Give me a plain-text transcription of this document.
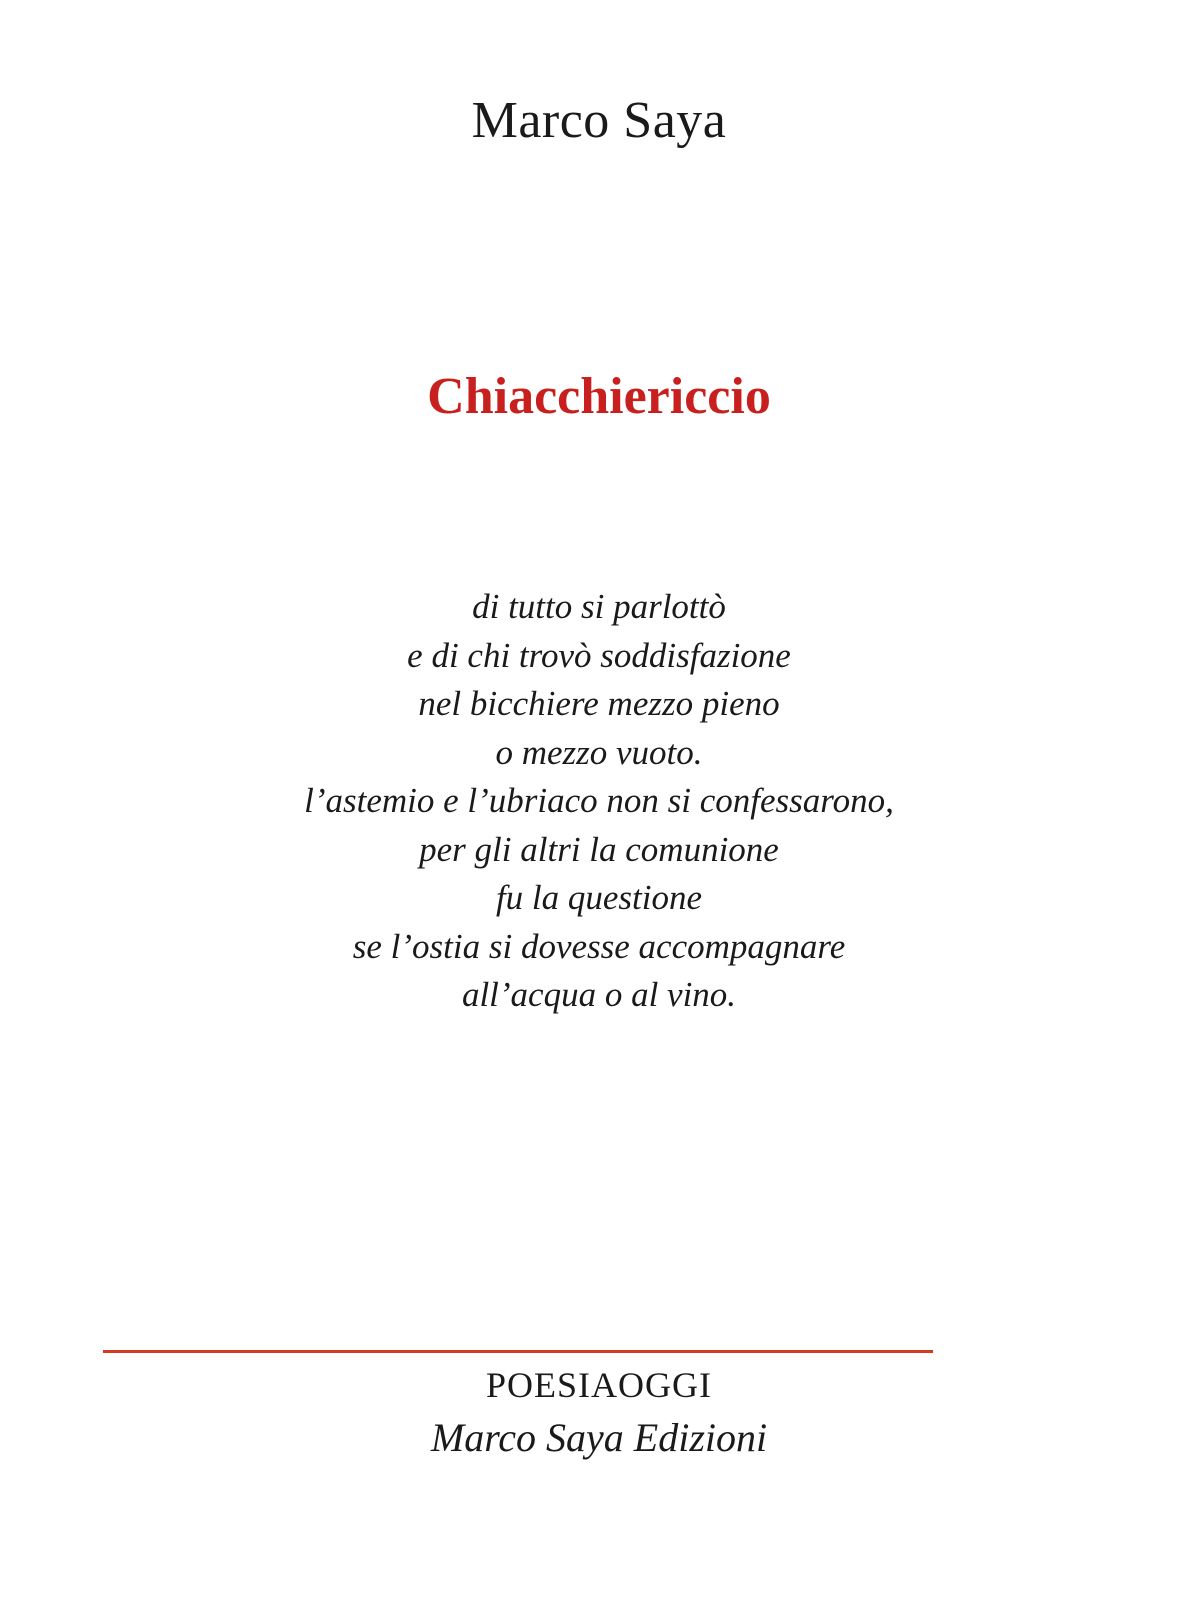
Marco Saya
Chiacchiericcio
di tutto si parlottò
e di chi trovò soddisfazione
nel bicchiere mezzo pieno
o mezzo vuoto.
l’astemio e l’ubriaco non si confessarono,
per gli altri la comunione
fu la questione
se l’ostia si dovesse accompagnare
all’acqua o al vino.
POESIAOGGI
Marco Saya Edizioni
